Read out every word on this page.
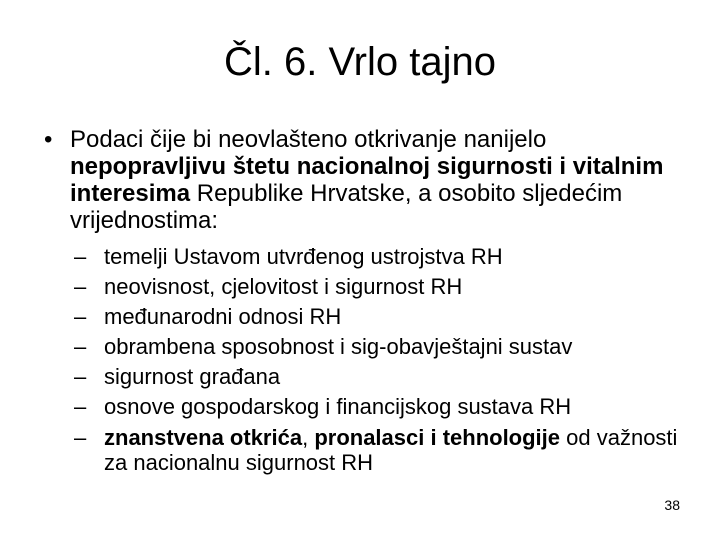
Čl. 6. Vrlo tajno

• Podaci čije bi neovlašteno otkrivanje nanijelo nepopravljivu štetu nacionalnoj sigurnosti i vitalnim interesima Republike Hrvatske, a osobito sljedećim vrijednostima:

– temelji Ustavom utvrđenog ustrojstva RH
– neovisnost, cjelovitost i sigurnost RH
– međunarodni odnosi RH
– obrambena sposobnost i sig-obavještajni sustav
– sigurnost građana
– osnove gospodarskog i financijskog sustava RH
– znanstvena otkrića, pronalasci i tehnologije od važnosti za nacionalnu sigurnost RH
38
